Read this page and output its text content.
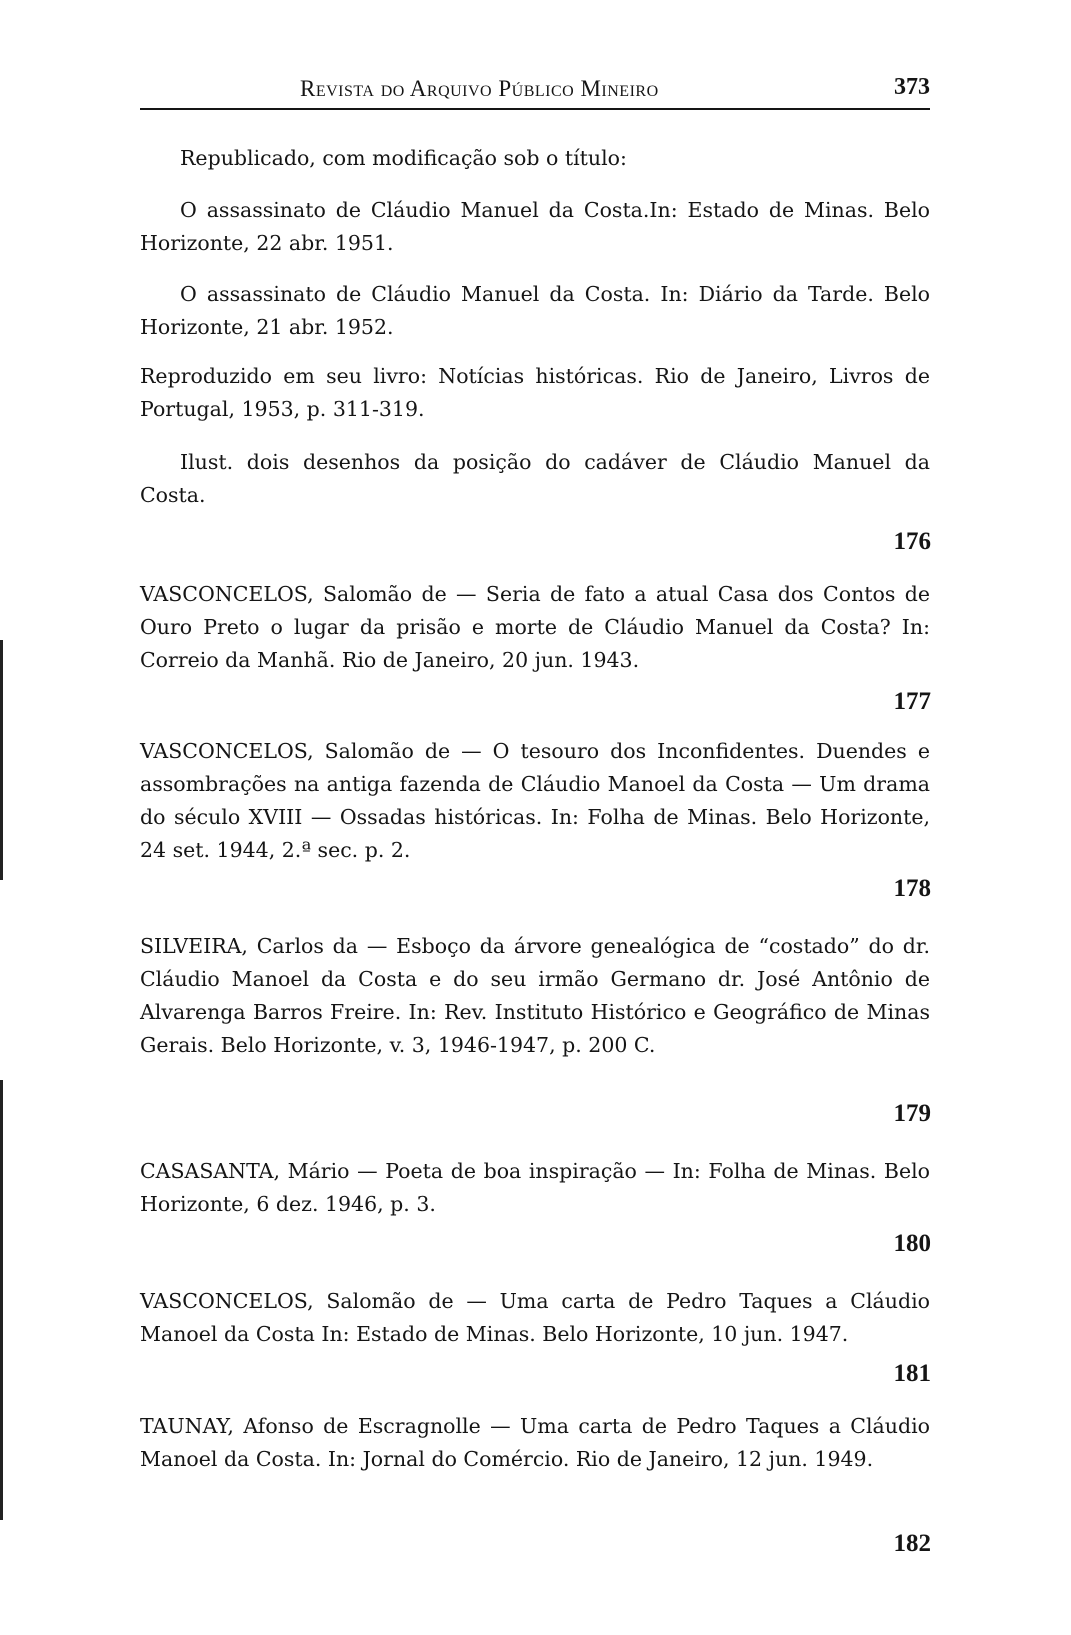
Revista do Arquivo Público Mineiro	373

Republicado, com modificação sob o título:

O assassinato de Cláudio Manuel da Costa.In: Estado de Minas. Belo Horizonte, 22 abr. 1951.

O assassinato de Cláudio Manuel da Costa. In: Diário da Tarde. Belo Horizonte, 21 abr. 1952.

Reproduzido em seu livro: Notícias históricas. Rio de Janeiro, Livros de Portugal, 1953, p. 311-319.

Ilust. dois desenhos da posição do cadáver de Cláudio Manuel da Costa.

176

VASCONCELOS, Salomão de — Seria de fato a atual Casa dos Contos de Ouro Preto o lugar da prisão e morte de Cláudio Manuel da Costa? In: Correio da Manhã. Rio de Janeiro, 20 jun. 1943.

177

VASCONCELOS, Salomão de — O tesouro dos Inconfidentes. Duendes e assombrações na antiga fazenda de Cláudio Manoel da Costa — Um drama do século XVIII — Ossadas históricas. In: Folha de Minas. Belo Horizonte, 24 set. 1944, 2.ª sec. p. 2.

178

SILVEIRA, Carlos da — Esboço da árvore genealógica de “costado” do dr. Cláudio Manoel da Costa e do seu irmão Germano dr. José Antônio de Alvarenga Barros Freire. In: Rev. Instituto Histórico e Geográfico de Minas Gerais. Belo Horizonte, v. 3, 1946-1947, p. 200 C.

179

CASASANTA, Mário — Poeta de boa inspiração — In: Folha de Minas. Belo Horizonte, 6 dez. 1946, p. 3.

180

VASCONCELOS, Salomão de — Uma carta de Pedro Taques a Cláudio Manoel da Costa In: Estado de Minas. Belo Horizonte, 10 jun. 1947.

181

TAUNAY, Afonso de Escragnolle — Uma carta de Pedro Taques a Cláudio Manoel da Costa. In: Jornal do Comércio. Rio de Janeiro, 12 jun. 1949.

182
